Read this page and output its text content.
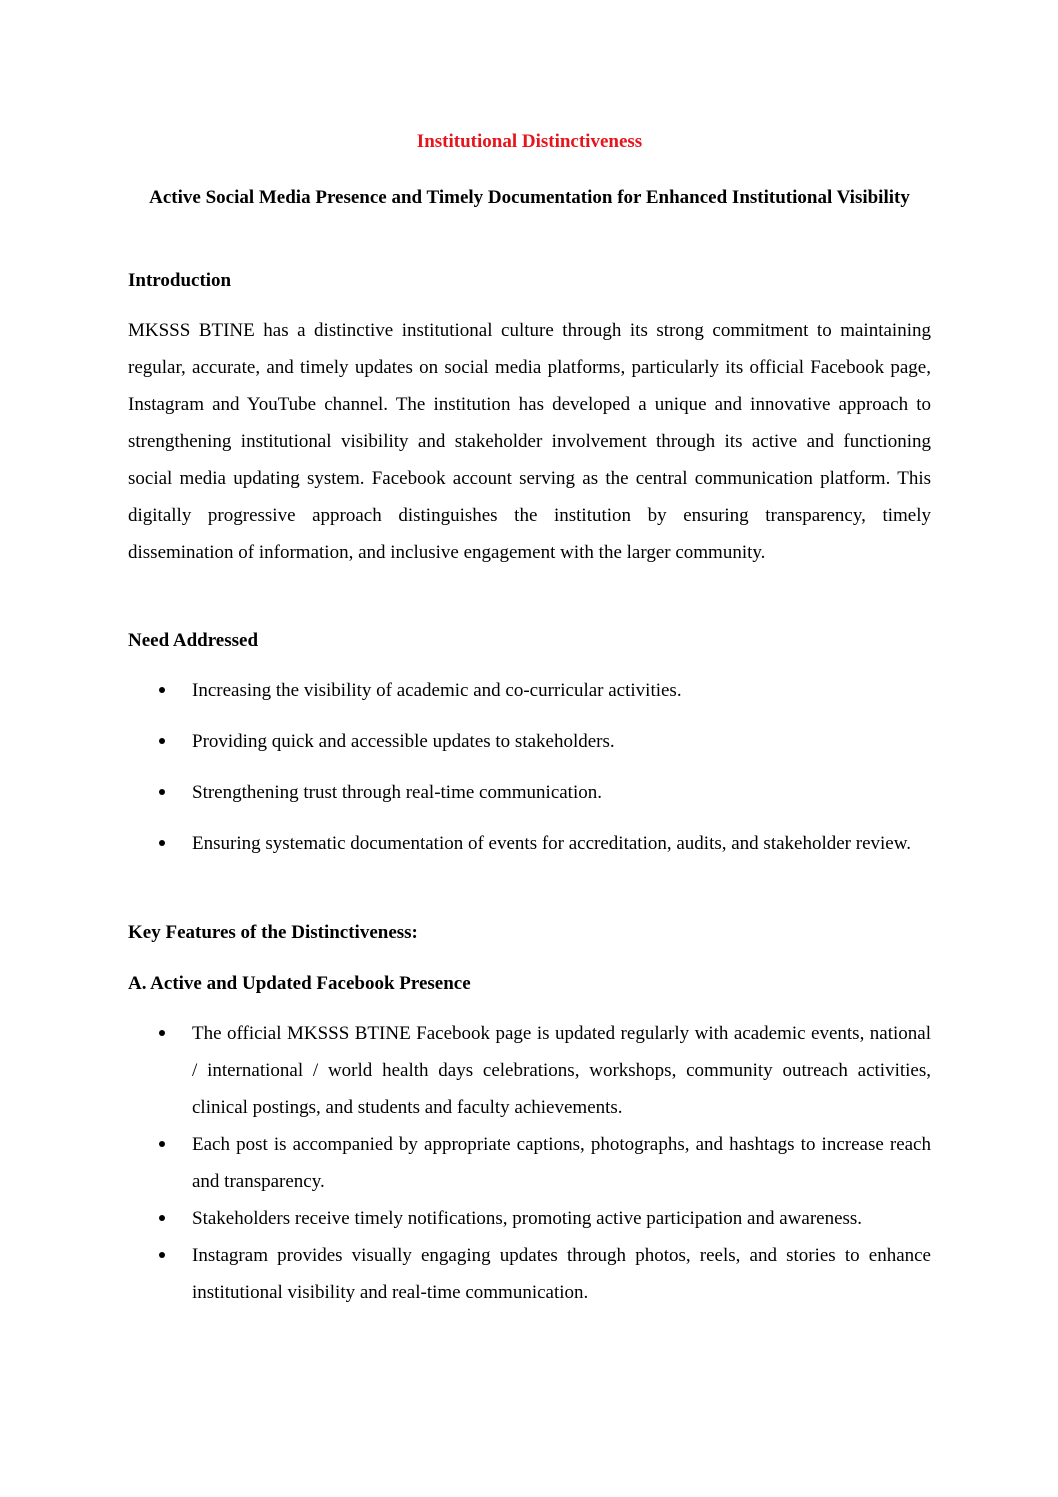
Institutional Distinctiveness
Active Social Media Presence and Timely Documentation for Enhanced Institutional Visibility
Introduction

MKSSS BTINE has a distinctive institutional culture through its strong commitment to maintaining regular, accurate, and timely updates on social media platforms, particularly its official Facebook page, Instagram and YouTube channel. The institution has developed a unique and innovative approach to strengthening institutional visibility and stakeholder involvement through its active and functioning social media updating system. Facebook account serving as the central communication platform. This digitally progressive approach distinguishes the institution by ensuring transparency, timely dissemination of information, and inclusive engagement with the larger community.

Need Addressed
Increasing the visibility of academic and co-curricular activities.
Providing quick and accessible updates to stakeholders.
Strengthening trust through real-time communication.
Ensuring systematic documentation of events for accreditation, audits, and stakeholder review.
Key Features of the Distinctiveness:
A. Active and Updated Facebook Presence
The official MKSSS BTINE Facebook page is updated regularly with academic events, national / international / world health days celebrations, workshops, community outreach activities, clinical postings, and students and faculty achievements.
Each post is accompanied by appropriate captions, photographs, and hashtags to increase reach and transparency.
Stakeholders receive timely notifications, promoting active participation and awareness.
Instagram provides visually engaging updates through photos, reels, and stories to enhance institutional visibility and real-time communication.
